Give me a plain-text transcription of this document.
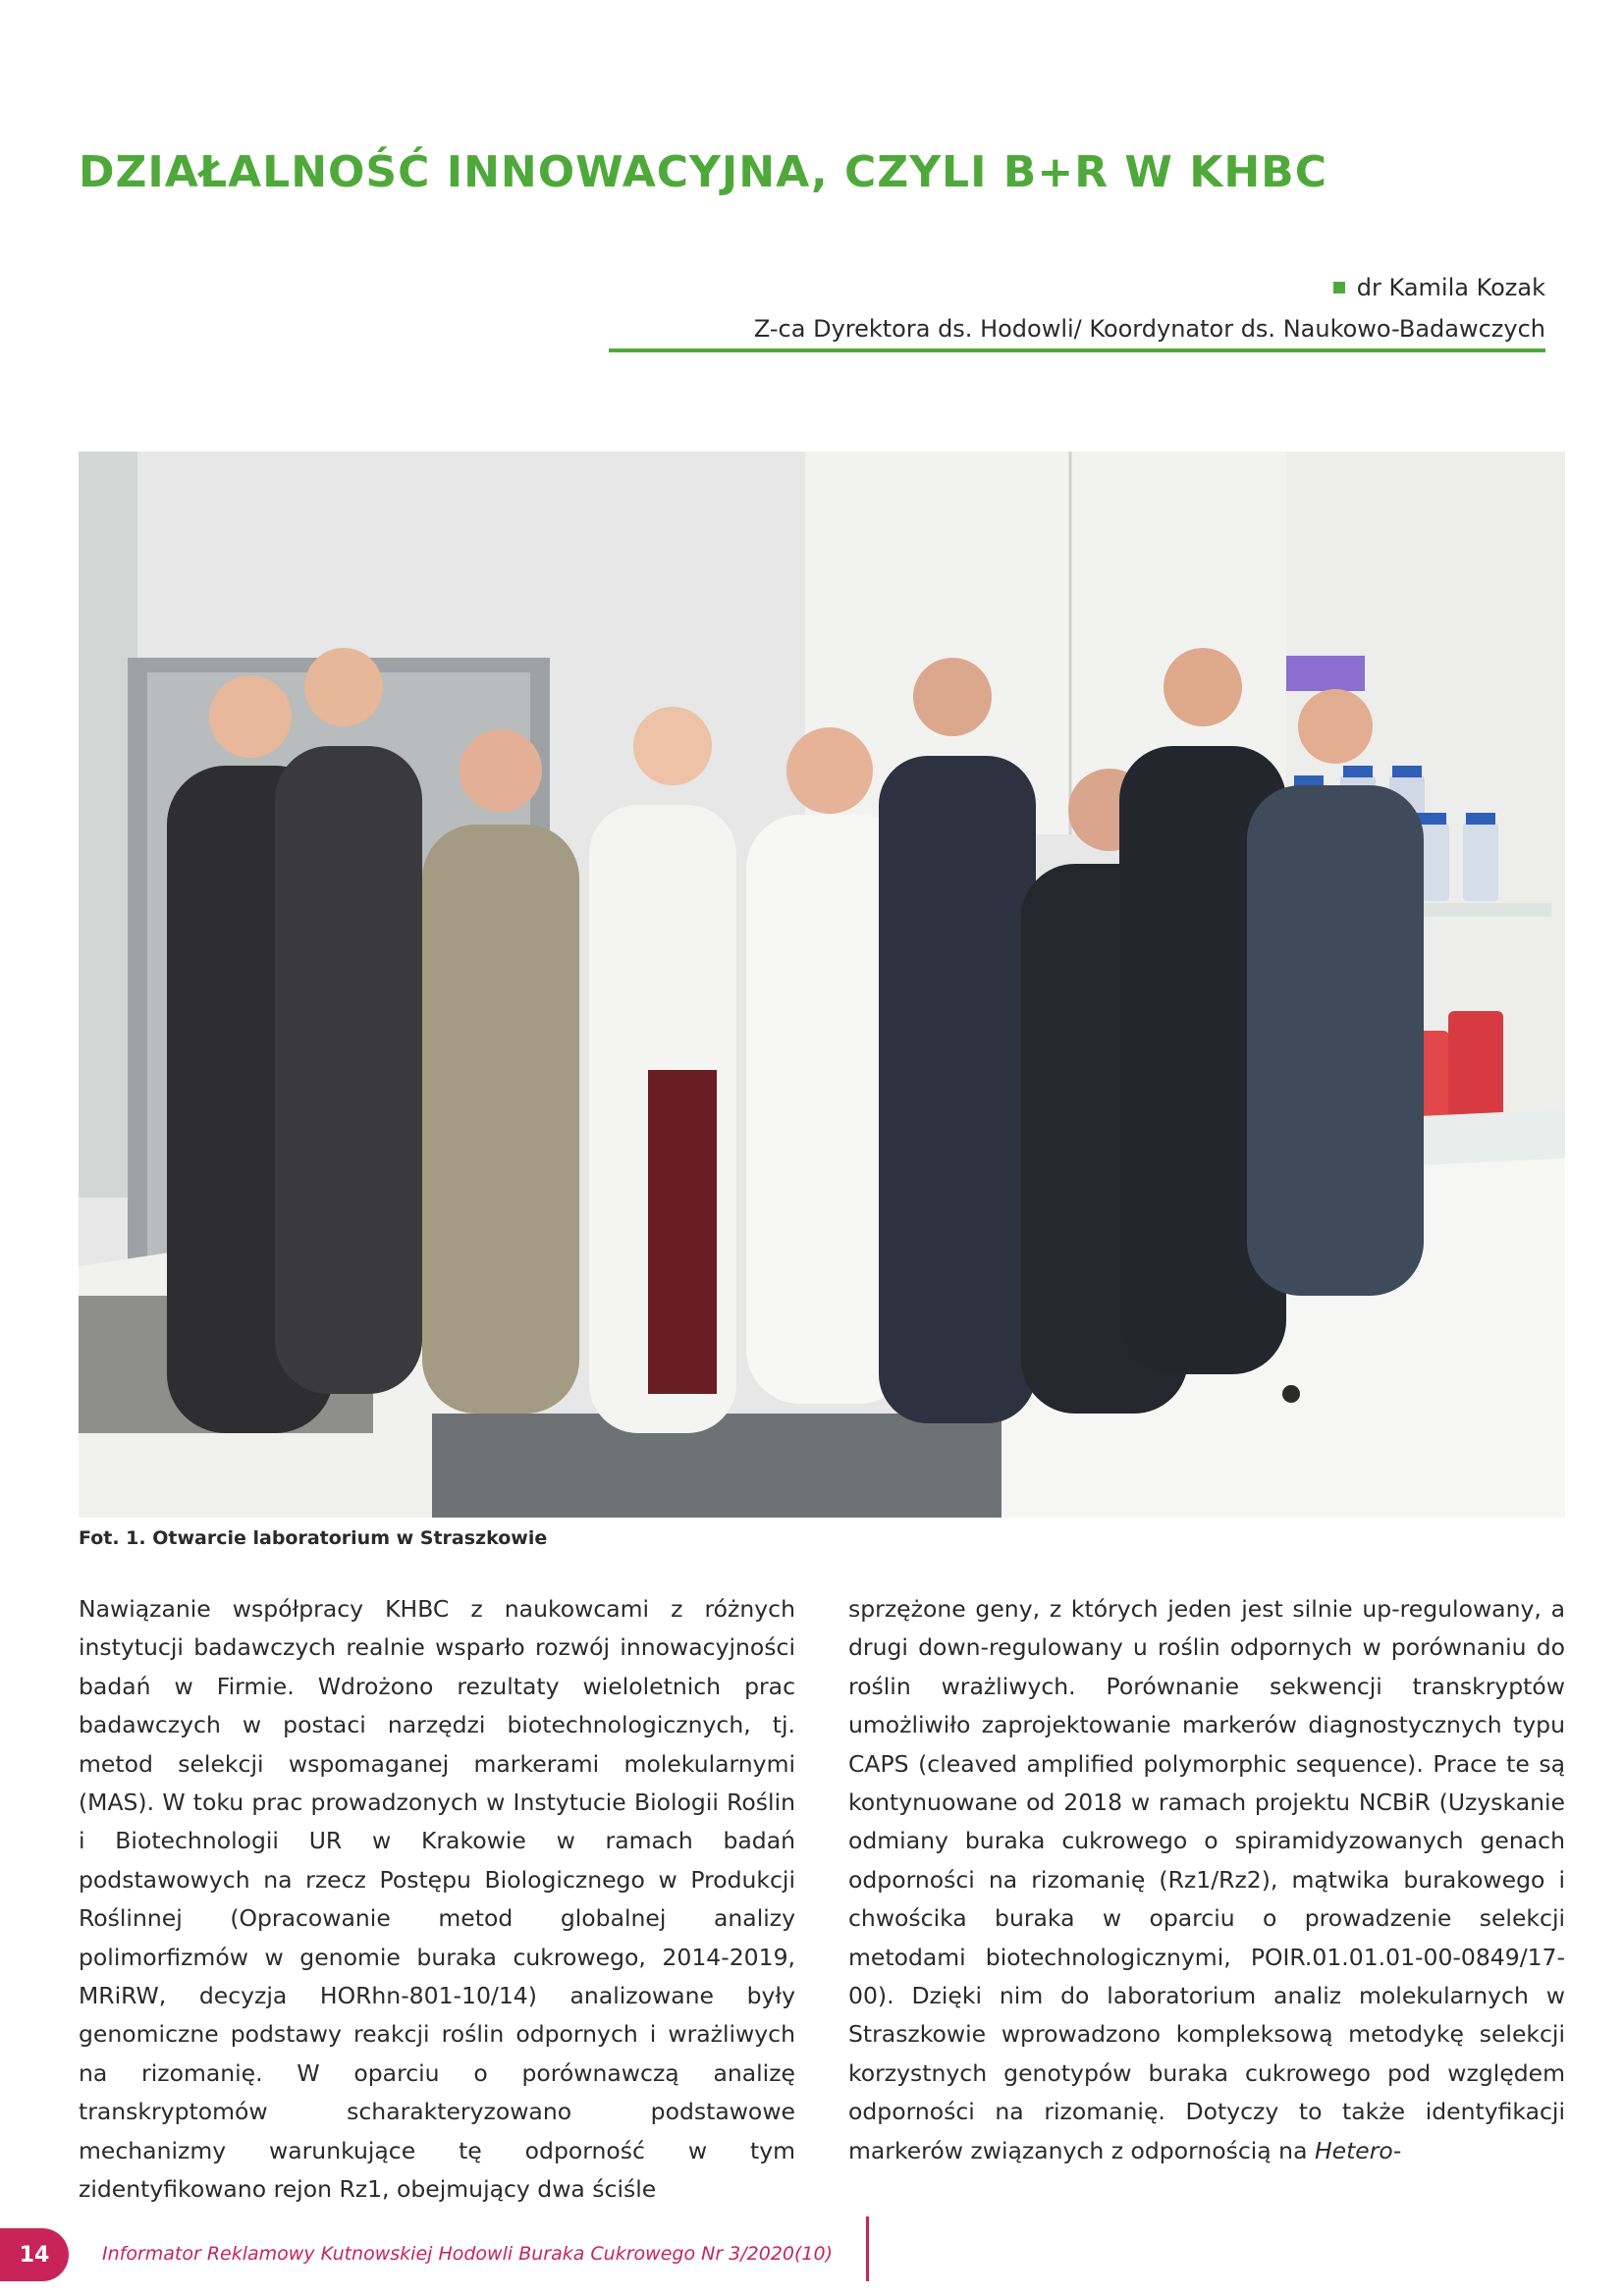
DZIAŁALNOŚĆ INNOWACYJNA, CZYLI B+R W KHBC
dr Kamila Kozak
Z-ca Dyrektora ds. Hodowli/ Koordynator ds. Naukowo-Badawczych

Fot. 1. Otwarcie laboratorium w Straszkowie

Nawiązanie współpracy KHBC z naukowcami z różnych instytucji badawczych realnie wsparło rozwój innowacyjności badań w Firmie. Wdrożono rezultaty wieloletnich prac badawczych w postaci narzędzi biotechnologicznych, tj. metod selekcji wspomaganej markerami molekularnymi (MAS). W toku prac prowadzonych w Instytucie Biologii Roślin i Biotechnologii UR w Krakowie w ramach badań podstawowych na rzecz Postępu Biologicznego w Produkcji Roślinnej (Opracowanie metod globalnej analizy polimorfizmów w genomie buraka cukrowego, 2014-2019, MRiRW, decyzja HORhn-801-10/14) analizowane były genomiczne podstawy reakcji roślin odpornych i wrażliwych na rizomanię. W oparciu o porównawczą analizę transkryptomów scharakteryzowano podstawowe mechanizmy warunkujące tę odporność w tym zidentyfikowano rejon Rz1, obejmujący dwa ściśle

sprzężone geny, z których jeden jest silnie up-regulowany, a drugi down-regulowany u roślin odpornych w porównaniu do roślin wrażliwych. Porównanie sekwencji transkryptów umożliwiło zaprojektowanie markerów diagnostycznych typu CAPS (cleaved amplified polymorphic sequence). Prace te są kontynuowane od 2018 w ramach projektu NCBiR (Uzyskanie odmiany buraka cukrowego o spiramidyzowanych genach odporności na rizomanię (Rz1/Rz2), mątwika burakowego i chwościka buraka w oparciu o prowadzenie selekcji metodami biotechnologicznymi, POIR.01.01.01-00-0849/17-00). Dzięki nim do laboratorium analiz molekularnych w Straszkowie wprowadzono kompleksową metodykę selekcji korzystnych genotypów buraka cukrowego pod względem odporności na rizomanię. Dotyczy to także identyfikacji markerów związanych z odpornością na Hetero-

14	Informator Reklamowy Kutnowskiej Hodowli Buraka Cukrowego Nr 3/2020(10)
